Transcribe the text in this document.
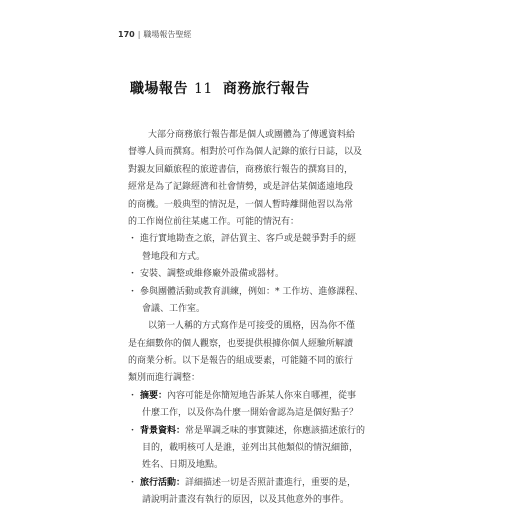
170 | 職場報告聖經
職場報告 11 商務旅行報告
大部分商務旅行報告都是個人或團體為了傳遞資料給
督導人員而撰寫。相對於可作為個人記錄的旅行日誌，以及
對親友回顧旅程的旅遊書信，商務旅行報告的撰寫目的，
經常是為了記錄經濟和社會情勢，或是評估某個遙遠地段
的商機。一般典型的情況是，一個人暫時離開他習以為常
的工作崗位前往某處工作。可能的情況有：
・ 進行實地勘查之旅，評估買主、客戶或是競爭對手的經
營地段和方式。
・ 安裝、調整或維修廠外設備或器材。
・ 參與團體活動或教育訓練，例如：* 工作坊、進修課程、
會議、工作室。
以第一人稱的方式寫作是可接受的風格，因為你不僅
是在細數你的個人觀察，也要提供根據你個人經驗所解讀
的商業分析。以下是報告的組成要素，可能隨不同的旅行
類別而進行調整：
・ 摘要 ： 內容可能是你簡短地告訴某人你來自哪裡，從事
什麼工作，以及你為什麼一開始會認為這是個好點子？
・ 背景資料 ： 常是單調乏味的事實陳述，你應該描述旅行的
目的，載明核可人是誰，並列出其他類似的情況細節，
姓名、日期及地點。
・ 旅行活動 ： 詳細描述一切是否照計畫進行，重要的是，
請說明計畫沒有執行的原因，以及其他意外的事件。
